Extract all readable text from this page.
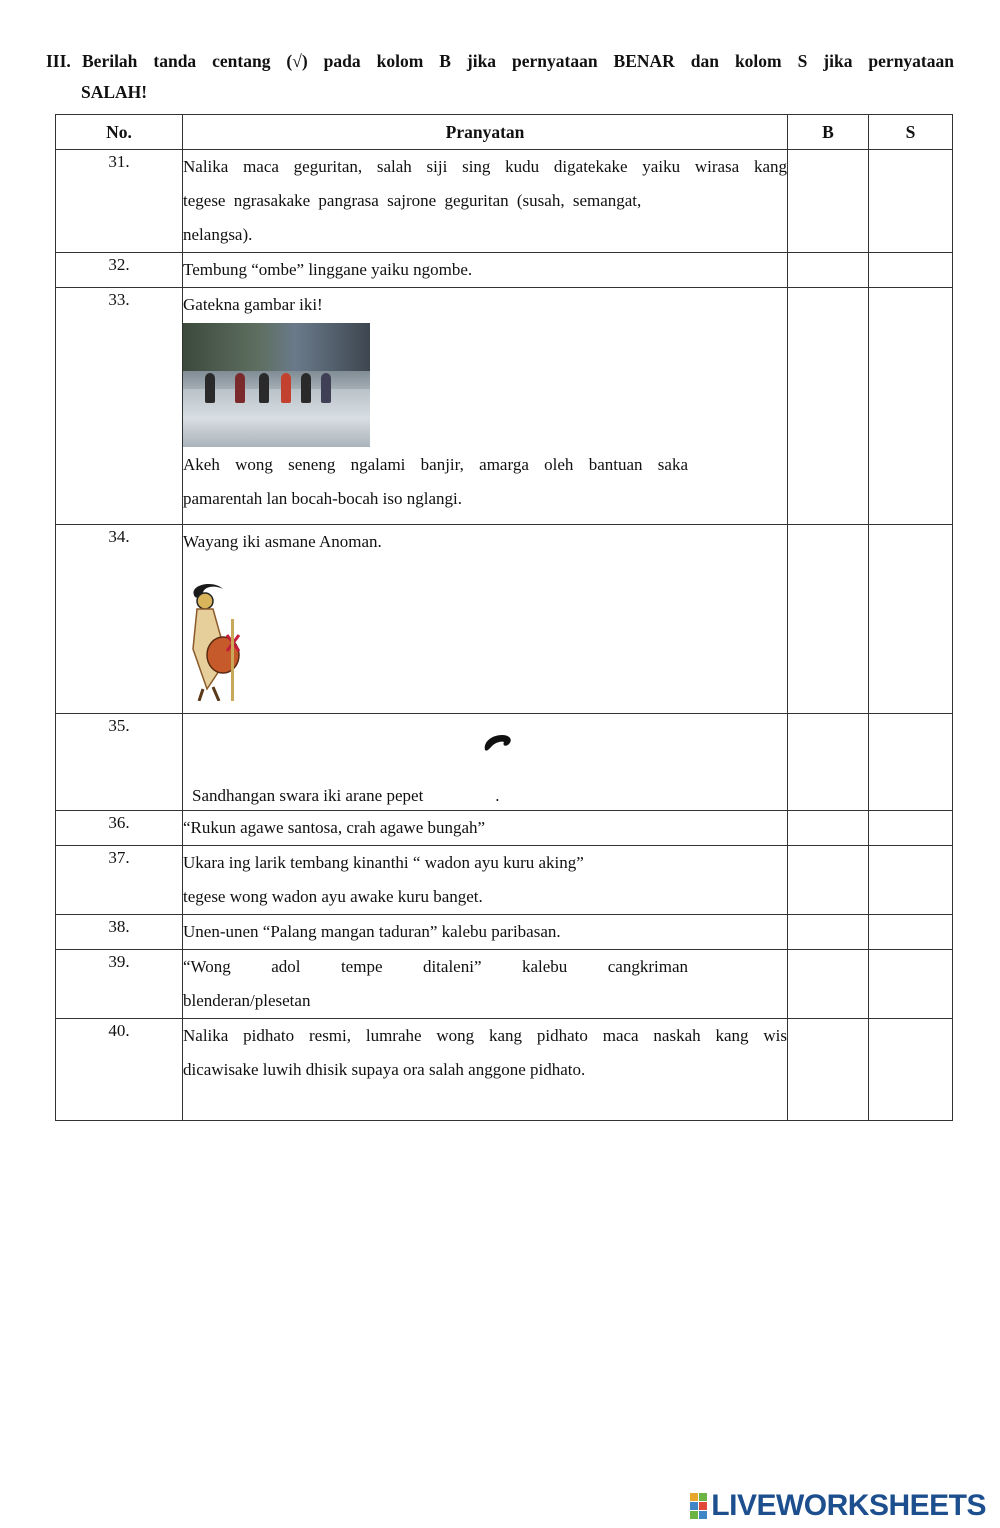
III. Berilah tanda centang (√) pada kolom B jika pernyataan BENAR dan kolom S jika pernyataan
SALAH!
No.	Pranyatan	B	S
31.	Nalika maca geguritan, salah siji sing kudu digatekake yaiku wirasa kang

tegese ngrasakake pangrasa sajrone geguritan (susah, semangat,

nelangsa).		

32.	Tembung “ombe” linggane yaiku ngombe.		

33.	Gatekna gambar iki!

Akeh wong seneng ngalami banjir, amarga oleh bantuan saka

pamarentah lan bocah-bocah iso nglangi.		

34.	Wayang iki asmane Anoman.		

35.	Sandhangan swara iki arane pepet .		

36.	“Rukun agawe santosa, crah agawe bungah”		

37.	Ukara ing larik tembang kinanthi “ wadon ayu kuru aking”

tegese wong wadon ayu awake kuru banget.		

38.	Unen-unen “Palang mangan taduran” kalebu paribasan.		

39.	“Wong adol tempe ditaleni” kalebu cangkriman

blenderan/plesetan		

40.	Nalika pidhato resmi, lumrahe wong kang pidhato maca naskah kang wis

dicawisake luwih dhisik supaya ora salah anggone pidhato.		

LIVEWORKSHEETS
